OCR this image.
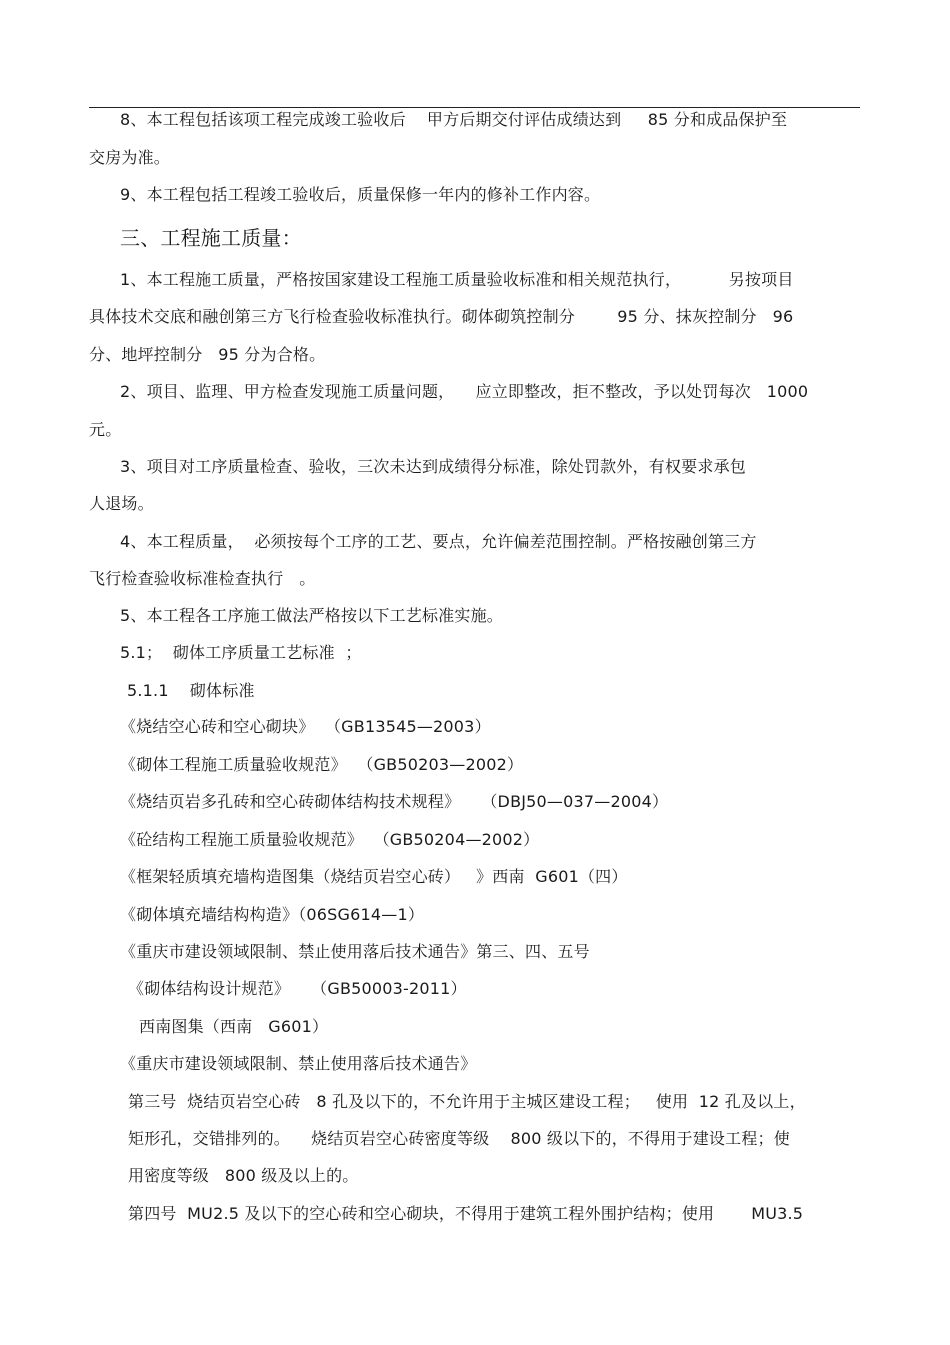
8、本工程包括该项工程完成竣工验收后    甲方后期交付评估成绩达到     85 分和成品保护至
交房为准。
9、本工程包括工程竣工验收后，质量保修一年内的修补工作内容。
三、工程施工质量：
1、本工程施工质量，严格按国家建设工程施工质量验收标准和相关规范执行，         另按项目
具体技术交底和融创第三方飞行检查验收标准执行。砌体砌筑控制分        95 分、抹灰控制分   96
分、地坪控制分   95 分为合格。
2、项目、监理、甲方检查发现施工质量问题，    应立即整改，拒不整改，予以处罚每次   1000
元。
3、项目对工序质量检查、验收，三次未达到成绩得分标准，除处罚款外，有权要求承包
人退场。
4、本工程质量，  必须按每个工序的工艺、要点，允许偏差范围控制。严格按融创第三方
飞行检查验收标准检查执行   。
5、本工程各工序施工做法严格按以下工艺标准实施。
5.1；  砌体工序质量工艺标准  ；
5.1.1    砌体标准
《烧结空心砖和空心砌块》  （GB13545—2003）
《砌体工程施工质量验收规范》  （GB50203—2002）
《烧结页岩多孔砖和空心砖砌体结构技术规程》    （DBJ50—037—2004）
《砼结构工程施工质量验收规范》  （GB50204—2002）
《框架轻质填充墙构造图集（烧结页岩空心砖）   》西南  G601（四）
《砌体填充墙结构构造》（06SG614—1）
《重庆市建设领域限制、禁止使用落后技术通告》第三、四、五号
《砌体结构设计规范》    （GB50003-2011）
西南图集（西南   G601）
《重庆市建设领域限制、禁止使用落后技术通告》
第三号  烧结页岩空心砖   8 孔及以下的，不允许用于主城区建设工程；   使用  12 孔及以上，
矩形孔，交错排列的。    烧结页岩空心砖密度等级    800 级以下的，不得用于建设工程；使
用密度等级   800 级及以上的。
第四号  MU2.5 及以下的空心砖和空心砌块，不得用于建筑工程外围护结构；使用       MU3.5
